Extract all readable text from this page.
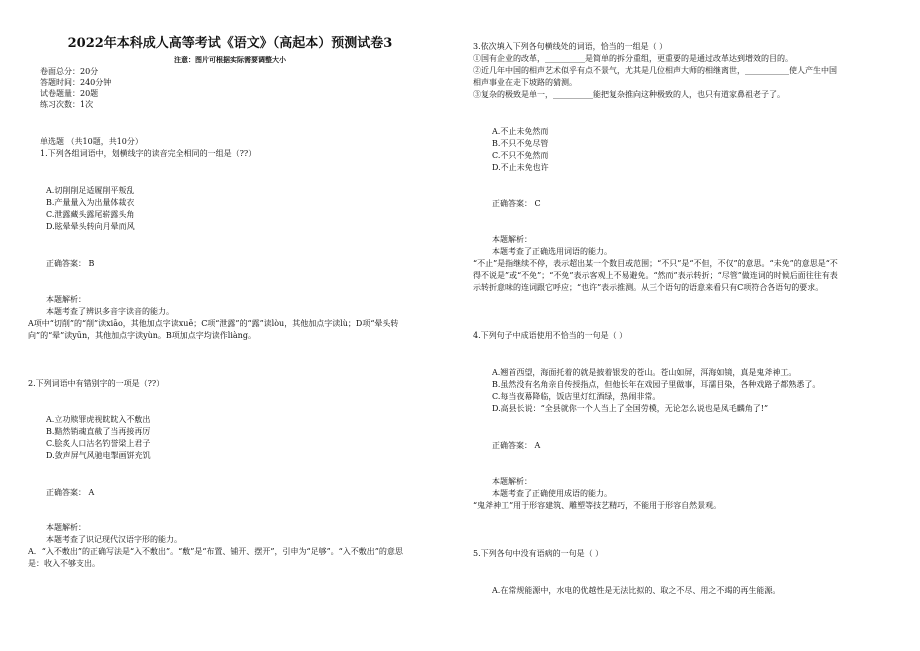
2022年本科成人高等考试《语文》（高起本）预测试卷3
注意：图片可根据实际需要调整大小
卷面总分：20分
答题时间：240分钟
试卷题量：20题
练习次数：1次
单选题 （共10题，共10分）
1.下列各组词语中，划横线字的读音完全相同的一组是（??）
A.切削削足适履削平叛乱
B.产量量入为出量体裁衣
C.泄露藏头露尾崭露头角
D.眩晕晕头转向月晕而风
正确答案： B
本题解析：
本题考查了辨识多音字读音的能力。
A项中“切削”的“削”读xiāo，其他加点字读xuē；C项“泄露”的“露”读lòu，其他加点字读lù；D项“晕头转
向”的“晕”读yūn，其他加点字读yùn。B项加点字均读作liàng。
2.下列词语中有错别字的一项是（??）
A.立功赎罪虎视眈眈入不敷出
B.黯然销魂直截了当再接再厉
C.脍炙人口沽名钓誉梁上君子
D.敛声屏气风驰电掣画饼充饥
正确答案： A
本题解析：
本题考查了识记现代汉语字形的能力。
A．“入不敷出”的正确写法是“入不敷出”。“敷”是“布置、铺开、摆开”，引申为“足够”。“入不敷出”的意思
是：收入不够支出。
3.依次填入下列各句横线处的词语，恰当的一组是（ ）
①国有企业的改革，__________是简单的拆分重组，更重要的是通过改革达到增效的目的。
②近几年中国的相声艺术似乎有点不景气，尤其是几位相声大师的相继离世，___________使人产生中国
相声事业在走下坡路的猜测。
③复杂的极致是单一，__________能把复杂推向这种极致的人，也只有道家鼻祖老子了。
A.不止未免然而
B.不只不免尽管
C.不只不免然而
D.不止未免也许
正确答案： C
本题解析：
本题考查了正确选用词语的能力。
“不止”是指继续不停，表示超出某一个数目或范围；“不只”是“不但，不仅”的意思。“未免”的意思是“不
得不说是”或“不免”；“不免”表示客观上不易避免。“然而”表示转折；“尽管”做连词的时候后面往往有表
示转折意味的连词跟它呼应；“也许”表示推测。从三个语句的语意来看只有C项符合各语句的要求。
4.下列句子中成语使用不恰当的一句是（ ）
A.翘首西望，海面托着的就是披着银发的苍山。苍山如屏，洱海如镜，真是鬼斧神工。
B.虽然没有名角亲自传授指点，但他长年在戏园子里做事，耳濡目染，各种戏路子都熟悉了。
C.每当夜幕降临，饭店里灯红酒绿，热闹非常。
D.高县长说：“全县就你一个人当上了全国劳模，无论怎么说也是凤毛麟角了!”
正确答案： A
本题解析：
本题考查了正确使用成语的能力。
“鬼斧神工”用于形容建筑、雕塑等技艺精巧，不能用于形容自然景观。
5.下列各句中没有语病的一句是（ ）
A.在常规能源中，水电的优越性是无法比拟的、取之不尽、用之不竭的再生能源。
